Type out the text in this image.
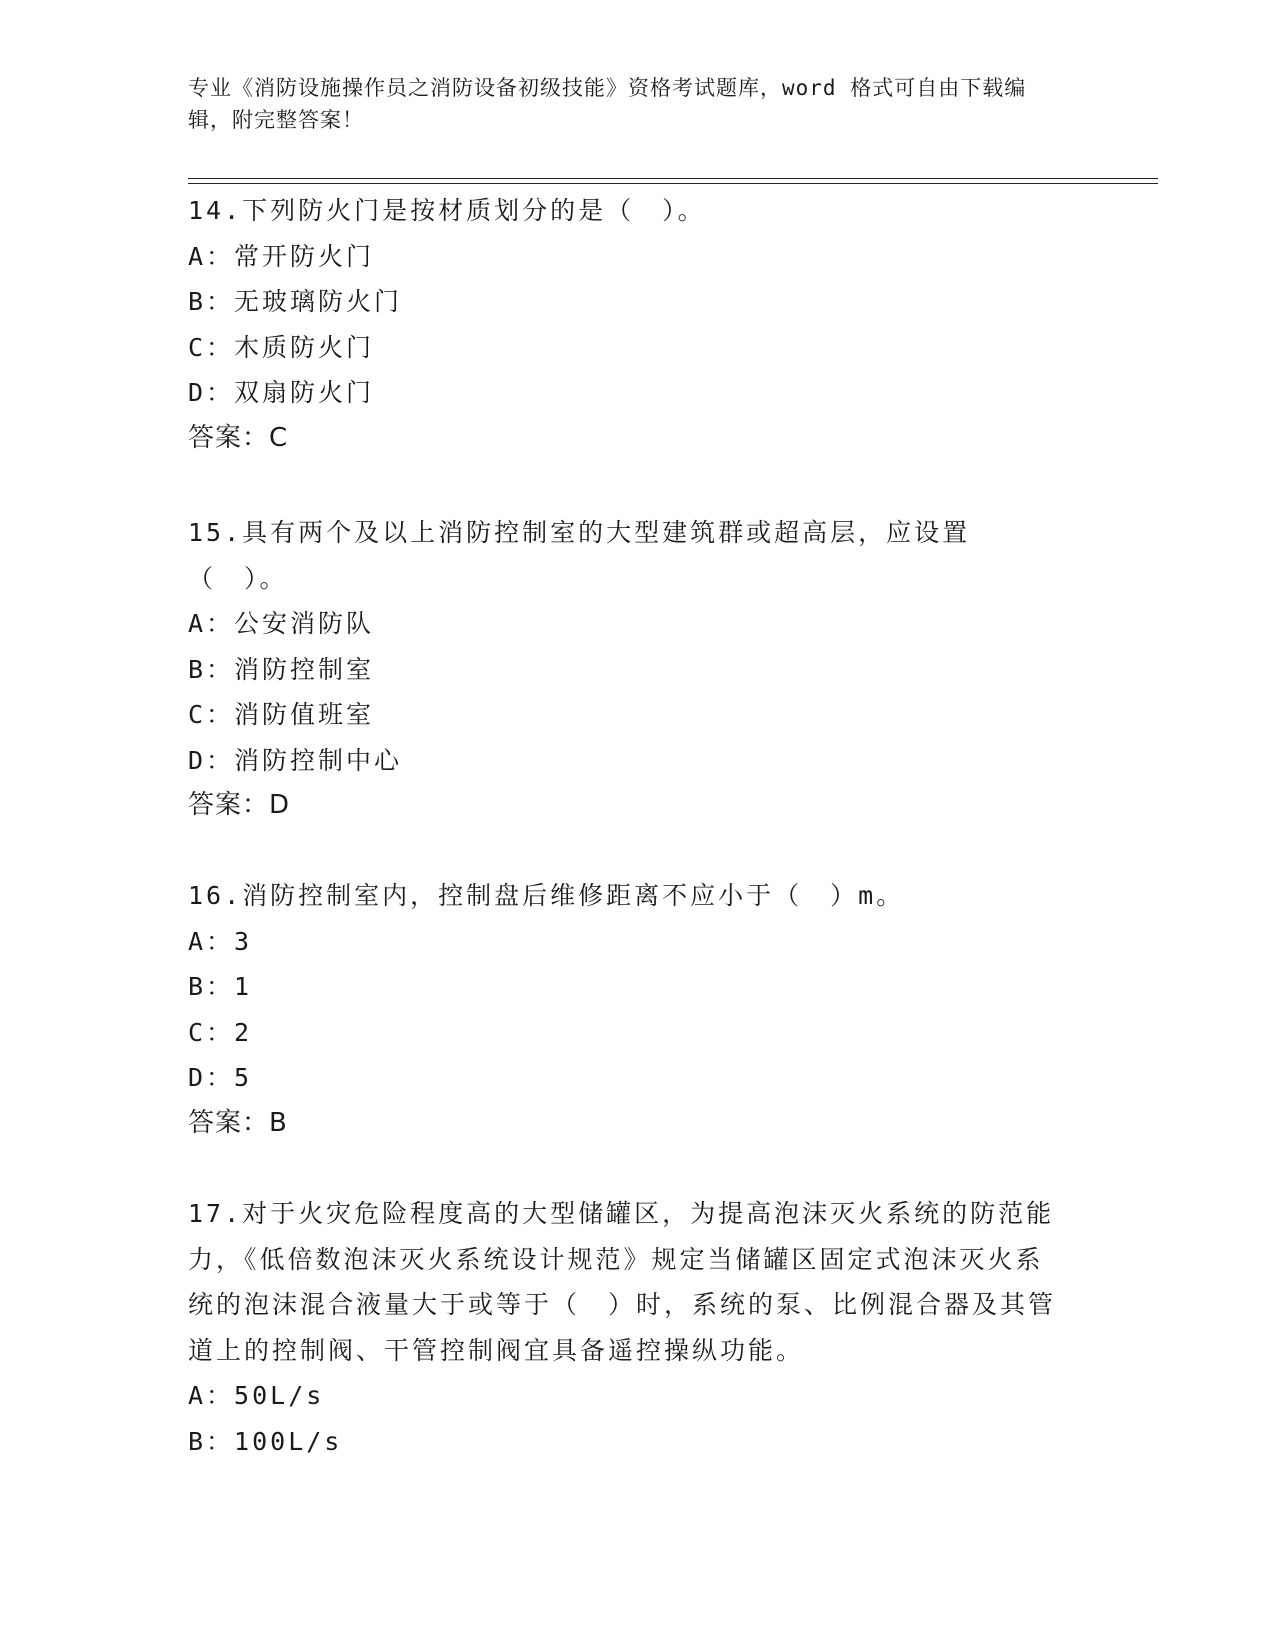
专业《消防设施操作员之消防设备初级技能》资格考试题库，word 格式可自由下载编辑，附完整答案！
14.下列防火门是按材质划分的是（　）。
A：常开防火门
B：无玻璃防火门
C：木质防火门
D：双扇防火门
答案：C
15.具有两个及以上消防控制室的大型建筑群或超高层，应设置（　）。
A：公安消防队
B：消防控制室
C：消防值班室
D：消防控制中心
答案：D
16.消防控制室内，控制盘后维修距离不应小于（　）m。
A：3
B：1
C：2
D：5
答案：B
17.对于火灾危险程度高的大型储罐区，为提高泡沫灭火系统的防范能力，《低倍数泡沫灭火系统设计规范》规定当储罐区固定式泡沫灭火系统的泡沫混合液量大于或等于（　）时，系统的泵、比例混合器及其管道上的控制阀、干管控制阀宜具备遥控操纵功能。
A：50L/s
B：100L/s
